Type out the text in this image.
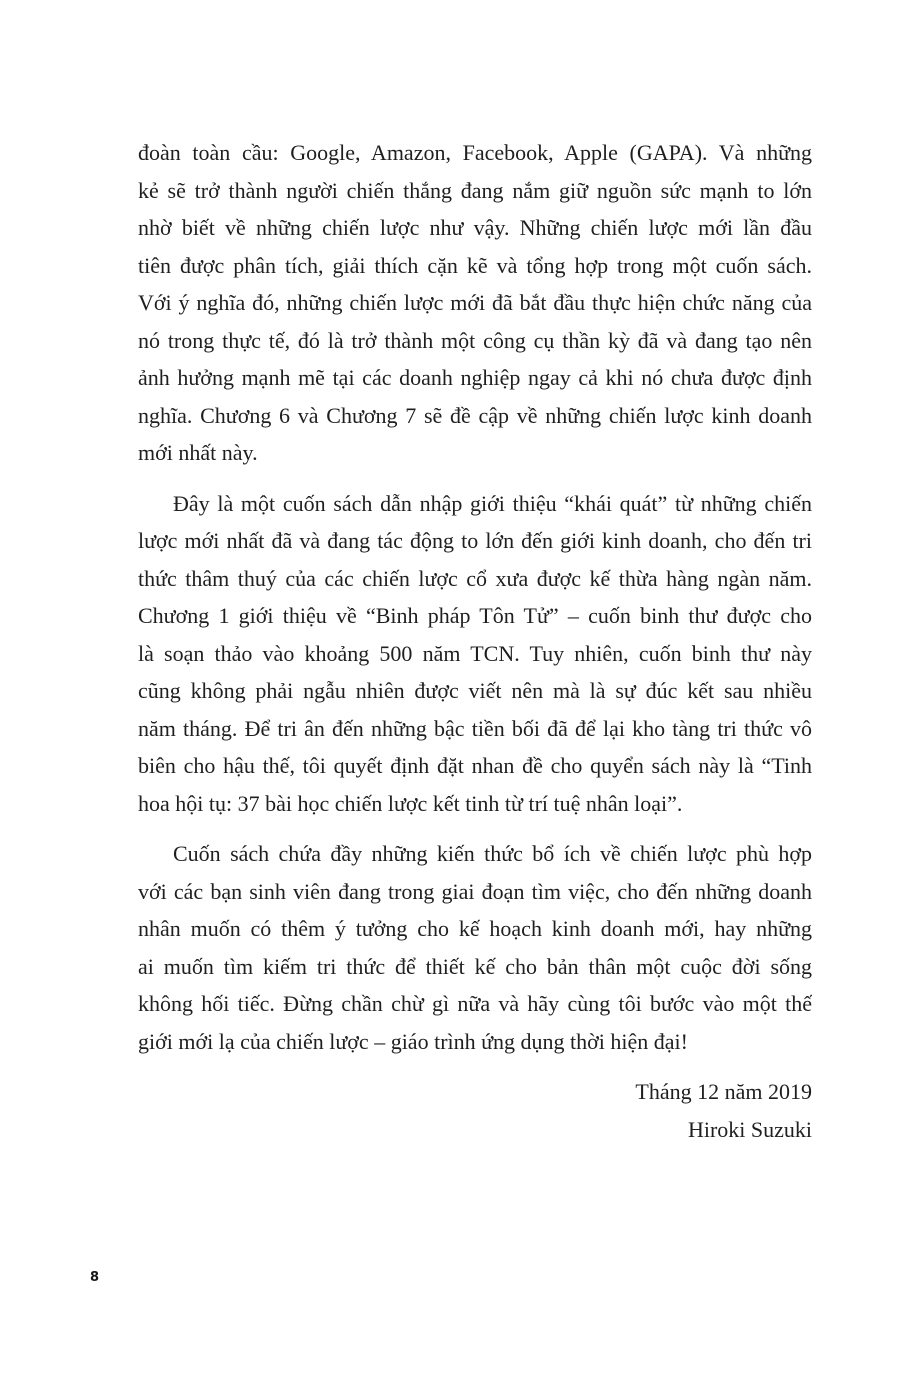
đoàn toàn cầu: Google, Amazon, Facebook, Apple (GAPA). Và những
kẻ sẽ trở thành người chiến thắng đang nắm giữ nguồn sức mạnh to lớn
nhờ biết về những chiến lược như vậy. Những chiến lược mới lần đầu
tiên được phân tích, giải thích cặn kẽ và tổng hợp trong một cuốn sách.
Với ý nghĩa đó, những chiến lược mới đã bắt đầu thực hiện chức năng của
nó trong thực tế, đó là trở thành một công cụ thần kỳ đã và đang tạo nên
ảnh hưởng mạnh mẽ tại các doanh nghiệp ngay cả khi nó chưa được định
nghĩa. Chương 6 và Chương 7 sẽ đề cập về những chiến lược kinh doanh
mới nhất này.
Đây là một cuốn sách dẫn nhập giới thiệu “khái quát” từ những chiến
lược mới nhất đã và đang tác động to lớn đến giới kinh doanh, cho đến tri
thức thâm thuý của các chiến lược cổ xưa được kế thừa hàng ngàn năm.
Chương 1 giới thiệu về “Binh pháp Tôn Tử” – cuốn binh thư được cho
là soạn thảo vào khoảng 500 năm TCN. Tuy nhiên, cuốn binh thư này
cũng không phải ngẫu nhiên được viết nên mà là sự đúc kết sau nhiều
năm tháng. Để tri ân đến những bậc tiền bối đã để lại kho tàng tri thức vô
biên cho hậu thế, tôi quyết định đặt nhan đề cho quyển sách này là “Tinh
hoa hội tụ: 37 bài học chiến lược kết tinh từ trí tuệ nhân loại”.
Cuốn sách chứa đầy những kiến thức bổ ích về chiến lược phù hợp
với các bạn sinh viên đang trong giai đoạn tìm việc, cho đến những doanh
nhân muốn có thêm ý tưởng cho kế hoạch kinh doanh mới, hay những
ai muốn tìm kiếm tri thức để thiết kế cho bản thân một cuộc đời sống
không hối tiếc. Đừng chần chừ gì nữa và hãy cùng tôi bước vào một thế
giới mới lạ của chiến lược – giáo trình ứng dụng thời hiện đại!
Tháng 12 năm 2019
Hiroki Suzuki
8
